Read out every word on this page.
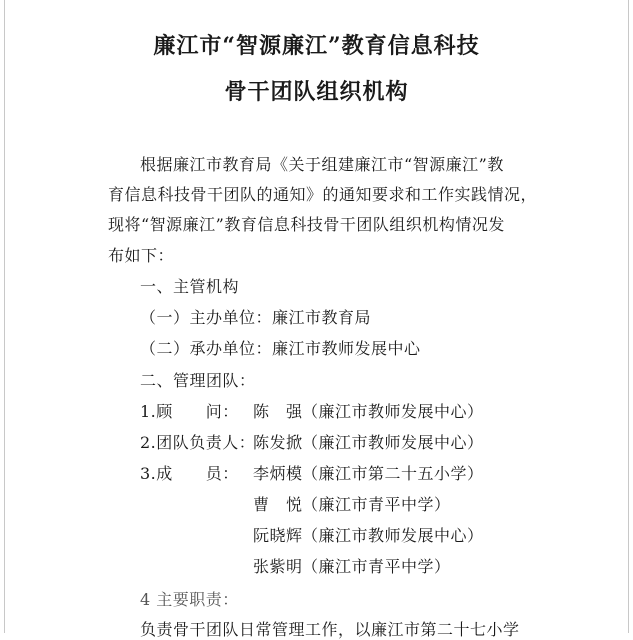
廉江市“智源廉江”教育信息科技
骨干团队组织机构
根据廉江市教育局《关于组建廉江市“智源廉江”教
育信息科技骨干团队的通知》的通知要求和工作实践情况，
现将“智源廉江”教育信息科技骨干团队组织机构情况发
布如下：
一、主管机构
（一）主办单位：廉江市教育局
（二）承办单位：廉江市教师发展中心
二、管理团队：
1.顾　　问： 陈　强 （廉江市教师发展中心）
2.团队负责人：
陈发掀 （廉江市教师发展中心）
3.成　　员： 李炳模 （廉江市第二十五小学）
曹　悦 （廉江市青平中学）
阮晓辉 （廉江市教师发展中心）
张紫明 （廉江市青平中学）
4 主要职责：
负责骨干团队日常管理工作，以廉江市第二十七小学
